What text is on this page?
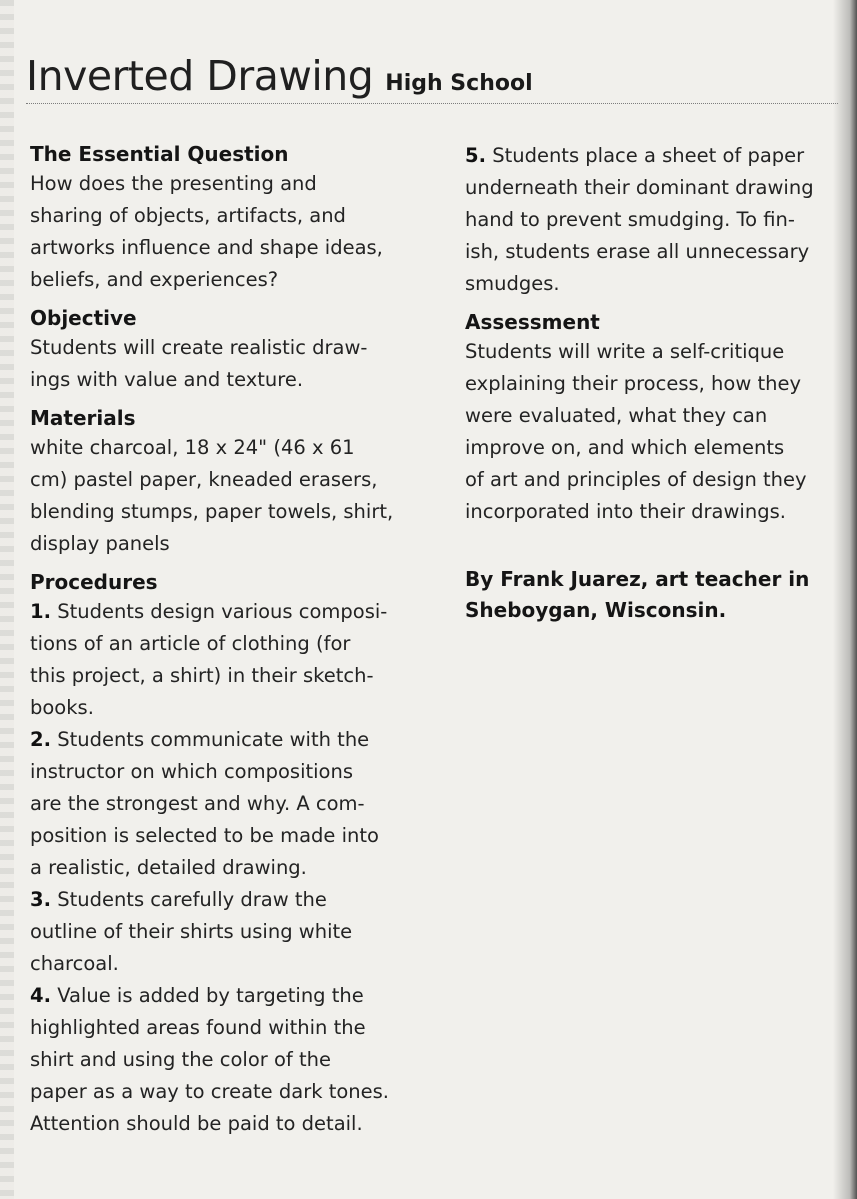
Inverted Drawing High School
The Essential Question

How does the presenting and
sharing of objects, artifacts, and
artworks influence and shape ideas,
beliefs, and experiences?

Objective

Students will create realistic draw-
ings with value and texture.

Materials

white charcoal, 18 x 24" (46 x 61
cm) pastel paper, kneaded erasers,
blending stumps, paper towels, shirt,
display panels

Procedures

1. Students design various composi-
tions of an article of clothing (for
this project, a shirt) in their sketch-
books.

2. Students communicate with the
instructor on which compositions
are the strongest and why. A com-
position is selected to be made into
a realistic, detailed drawing.

3. Students carefully draw the
outline of their shirts using white
charcoal.

4. Value is added by targeting the
highlighted areas found within the
shirt and using the color of the
paper as a way to create dark tones.
Attention should be paid to detail.

5. Students place a sheet of paper
underneath their dominant drawing
hand to prevent smudging. To fin-
ish, students erase all unnecessary
smudges.

Assessment

Students will write a self-critique
explaining their process, how they
were evaluated, what they can
improve on, and which elements
of art and principles of design they
incorporated into their drawings.

By Frank Juarez, art teacher in
Sheboygan, Wisconsin.
